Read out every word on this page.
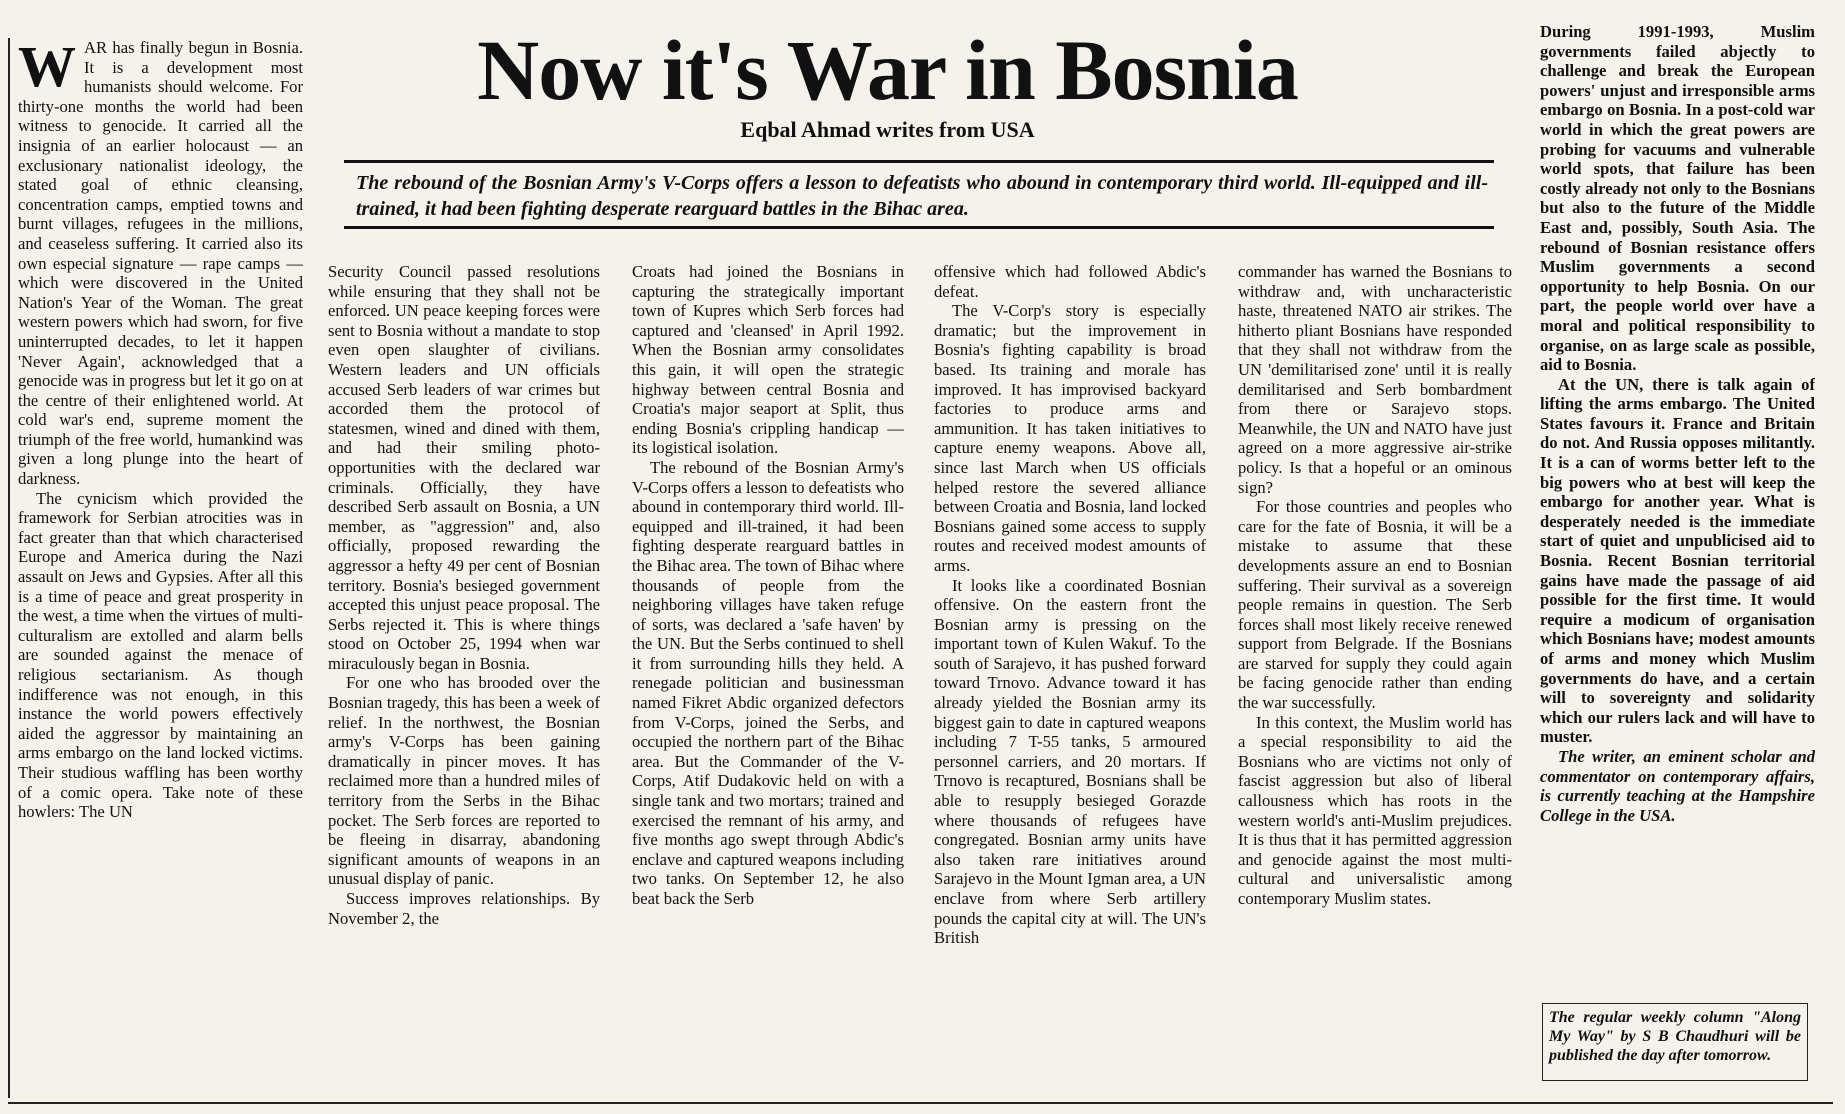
W AR has finally begun in Bosnia. It is a development most humanists should welcome. For thirty-one months the world had been witness to genocide. It carried all the insignia of an earlier holocaust — an exclusionary nationalist ideology, the stated goal of ethnic cleansing, concentration camps, emptied towns and burnt villages, refugees in the millions, and ceaseless suffering. It carried also its own especial signature — rape camps — which were discovered in the United Nation's Year of the Woman. The great western powers which had sworn, for five uninterrupted decades, to let it happen 'Never Again', acknowledged that a genocide was in progress but let it go on at the centre of their enlightened world. At cold war's end, supreme moment the triumph of the free world, humankind was given a long plunge into the heart of darkness.

The cynicism which provided the framework for Serbian atrocities was in fact greater than that which characterised Europe and America during the Nazi assault on Jews and Gypsies. After all this is a time of peace and great prosperity in the west, a time when the virtues of multi-culturalism are extolled and alarm bells are sounded against the menace of religious sectarianism. As though indifference was not enough, in this instance the world powers effectively aided the aggressor by maintaining an arms embargo on the land locked victims. Their studious waffling has been worthy of a comic opera. Take note of these howlers: The UN

Now it's War in Bosnia
Eqbal Ahmad writes from USA
The rebound of the Bosnian Army's V-Corps offers a lesson to defeatists who abound in contemporary third world. Ill-equipped and ill-trained, it had been fighting desperate rearguard battles in the Bihac area.

Security Council passed resolutions while ensuring that they shall not be enforced. UN peace keeping forces were sent to Bosnia without a mandate to stop even open slaughter of civilians. Western leaders and UN officials accused Serb leaders of war crimes but accorded them the protocol of statesmen, wined and dined with them, and had their smiling photo-opportunities with the declared war criminals. Officially, they have described Serb assault on Bosnia, a UN member, as "aggression" and, also officially, proposed rewarding the aggressor a hefty 49 per cent of Bosnian territory. Bosnia's besieged government accepted this unjust peace proposal. The Serbs rejected it. This is where things stood on October 25, 1994 when war miraculously began in Bosnia.

For one who has brooded over the Bosnian tragedy, this has been a week of relief. In the northwest, the Bosnian army's V-Corps has been gaining dramatically in pincer moves. It has reclaimed more than a hundred miles of territory from the Serbs in the Bihac pocket. The Serb forces are reported to be fleeing in disarray, abandoning significant amounts of weapons in an unusual display of panic.

Success improves relationships. By November 2, the

Croats had joined the Bosnians in capturing the strategically important town of Kupres which Serb forces had captured and 'cleansed' in April 1992. When the Bosnian army consolidates this gain, it will open the strategic highway between central Bosnia and Croatia's major seaport at Split, thus ending Bosnia's crippling handicap — its logistical isolation.

The rebound of the Bosnian Army's V-Corps offers a lesson to defeatists who abound in contemporary third world. Ill-equipped and ill-trained, it had been fighting desperate rearguard battles in the Bihac area. The town of Bihac where thousands of people from the neighboring villages have taken refuge of sorts, was declared a 'safe haven' by the UN. But the Serbs continued to shell it from surrounding hills they held. A renegade politician and businessman named Fikret Abdic organized defectors from V-Corps, joined the Serbs, and occupied the northern part of the Bihac area. But the Commander of the V-Corps, Atif Dudakovic held on with a single tank and two mortars; trained and exercised the remnant of his army, and five months ago swept through Abdic's enclave and captured weapons including two tanks. On September 12, he also beat back the Serb

offensive which had followed Abdic's defeat.

The V-Corp's story is especially dramatic; but the improvement in Bosnia's fighting capability is broad based. Its training and morale has improved. It has improvised backyard factories to produce arms and ammunition. It has taken initiatives to capture enemy weapons. Above all, since last March when US officials helped restore the severed alliance between Croatia and Bosnia, land locked Bosnians gained some access to supply routes and received modest amounts of arms.

It looks like a coordinated Bosnian offensive. On the eastern front the Bosnian army is pressing on the important town of Kulen Wakuf. To the south of Sarajevo, it has pushed forward toward Trnovo. Advance toward it has already yielded the Bosnian army its biggest gain to date in captured weapons including 7 T-55 tanks, 5 armoured personnel carriers, and 20 mortars. If Trnovo is recaptured, Bosnians shall be able to resupply besieged Gorazde where thousands of refugees have congregated. Bosnian army units have also taken rare initiatives around Sarajevo in the Mount Igman area, a UN enclave from where Serb artillery pounds the capital city at will. The UN's British

commander has warned the Bosnians to withdraw and, with uncharacteristic haste, threatened NATO air strikes. The hitherto pliant Bosnians have responded that they shall not withdraw from the UN 'demilitarised zone' until it is really demilitarised and Serb bombardment from there or Sarajevo stops. Meanwhile, the UN and NATO have just agreed on a more aggressive air-strike policy. Is that a hopeful or an ominous sign?

For those countries and peoples who care for the fate of Bosnia, it will be a mistake to assume that these developments assure an end to Bosnian suffering. Their survival as a sovereign people remains in question. The Serb forces shall most likely receive renewed support from Belgrade. If the Bosnians are starved for supply they could again be facing genocide rather than ending the war successfully.

In this context, the Muslim world has a special responsibility to aid the Bosnians who are victims not only of fascist aggression but also of liberal callousness which has roots in the western world's anti-Muslim prejudices. It is thus that it has permitted aggression and genocide against the most multi-cultural and universalistic among contemporary Muslim states.

During 1991-1993, Muslim governments failed abjectly to challenge and break the European powers' unjust and irresponsible arms embargo on Bosnia. In a post-cold war world in which the great powers are probing for vacuums and vulnerable world spots, that failure has been costly already not only to the Bosnians but also to the future of the Middle East and, possibly, South Asia. The rebound of Bosnian resistance offers Muslim governments a second opportunity to help Bosnia. On our part, the people world over have a moral and political responsibility to organise, on as large scale as possible, aid to Bosnia.

At the UN, there is talk again of lifting the arms embargo. The United States favours it. France and Britain do not. And Russia opposes militantly. It is a can of worms better left to the big powers who at best will keep the embargo for another year. What is desperately needed is the immediate start of quiet and unpublicised aid to Bosnia. Recent Bosnian territorial gains have made the passage of aid possible for the first time. It would require a modicum of organisation which Bosnians have; modest amounts of arms and money which Muslim governments do have, and a certain will to sovereignty and solidarity which our rulers lack and will have to muster.

The writer, an eminent scholar and commentator on contemporary affairs, is currently teaching at the Hampshire College in the USA.

The regular weekly column "Along My Way" by S B Chaudhuri will be published the day after tomorrow.
